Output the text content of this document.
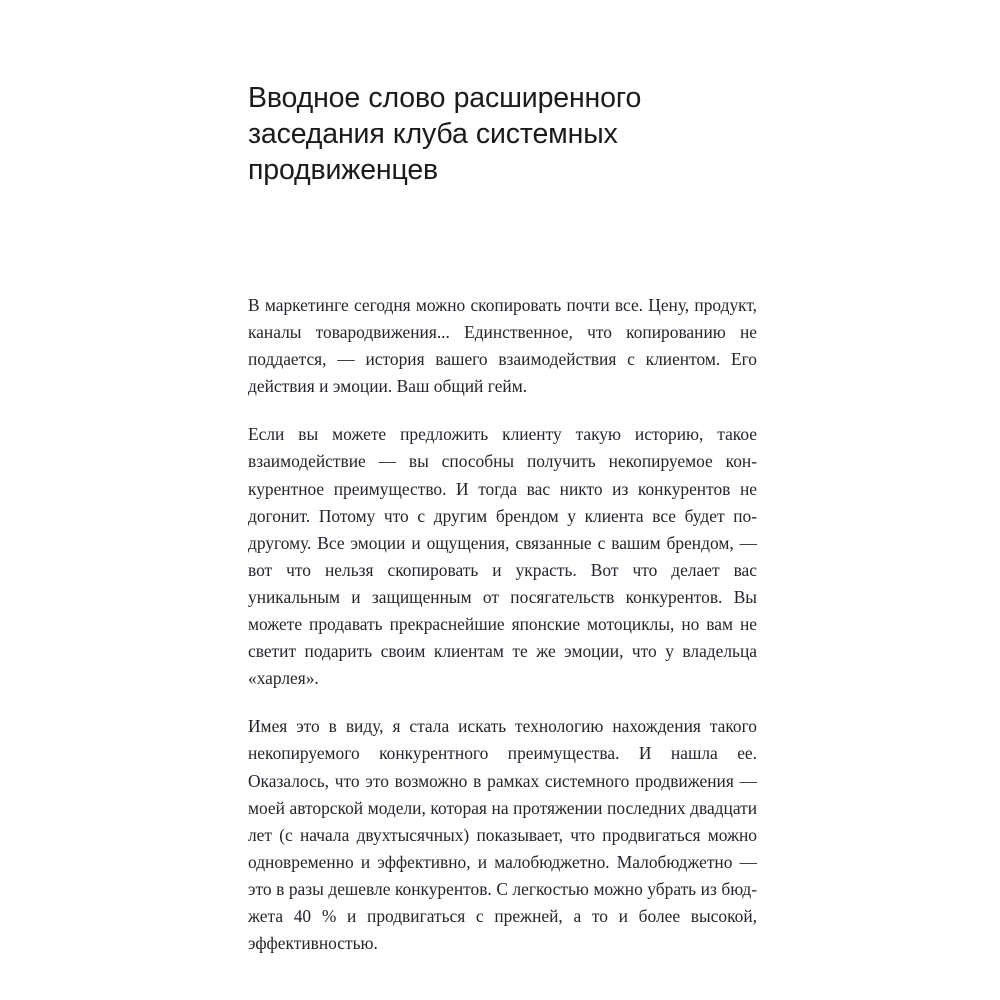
Вводное слово расширенного заседания клуба системных продвиженцев

В маркетинге сегодня можно скопировать почти все. Цену, продукт, каналы товародвижения... Единственное, что копированию не поддается, — история вашего взаимодействия с клиентом. Его действия и эмоции. Ваш общий гейм.

Если вы можете предложить клиенту такую историю, такое взаимодействие — вы способны получить некопируемое конкурентное преимущество. И тогда вас никто из конкурентов не догонит. Потому что с другим брендом у клиента все будет по-другому. Все эмоции и ощущения, связанные с вашим брендом, — вот что нельзя скопировать и украсть. Вот что делает вас уникальным и защищенным от посягательств конкурентов. Вы можете продавать прекраснейшие японские мотоциклы, но вам не светит подарить своим клиентам те же эмоции, что у владельца «харлея».

Имея это в виду, я стала искать технологию нахождения такого некопируемого конкурентного преимущества. И нашла ее. Оказалось, что это возможно в рамках системного продвижения — моей авторской модели, которая на протяжении последних двадцати лет (с начала двухтысячных) показывает, что продвигаться можно одновременно и эффективно, и малобюджетно. Малобюджетно — это в разы дешевле конкурентов. С легкостью можно убрать из бюджета 40 % и продвигаться с прежней, а то и более высокой, эффективностью.
